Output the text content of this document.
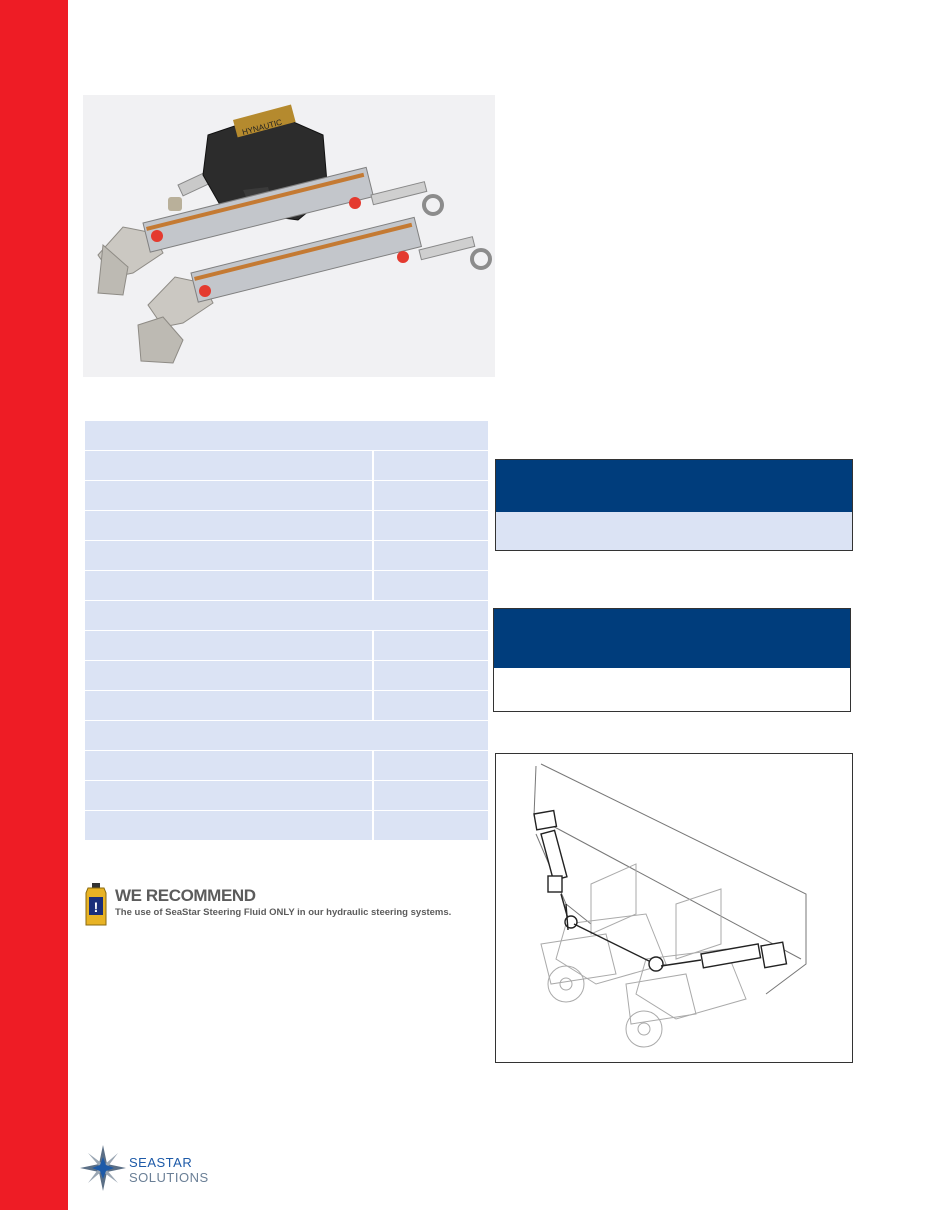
HYNAUTIC
!
WE RECOMMEND
The use of SeaStar Steering Fluid ONLY in our hydraulic steering systems.
SEASTAR
SOLUTIONS
